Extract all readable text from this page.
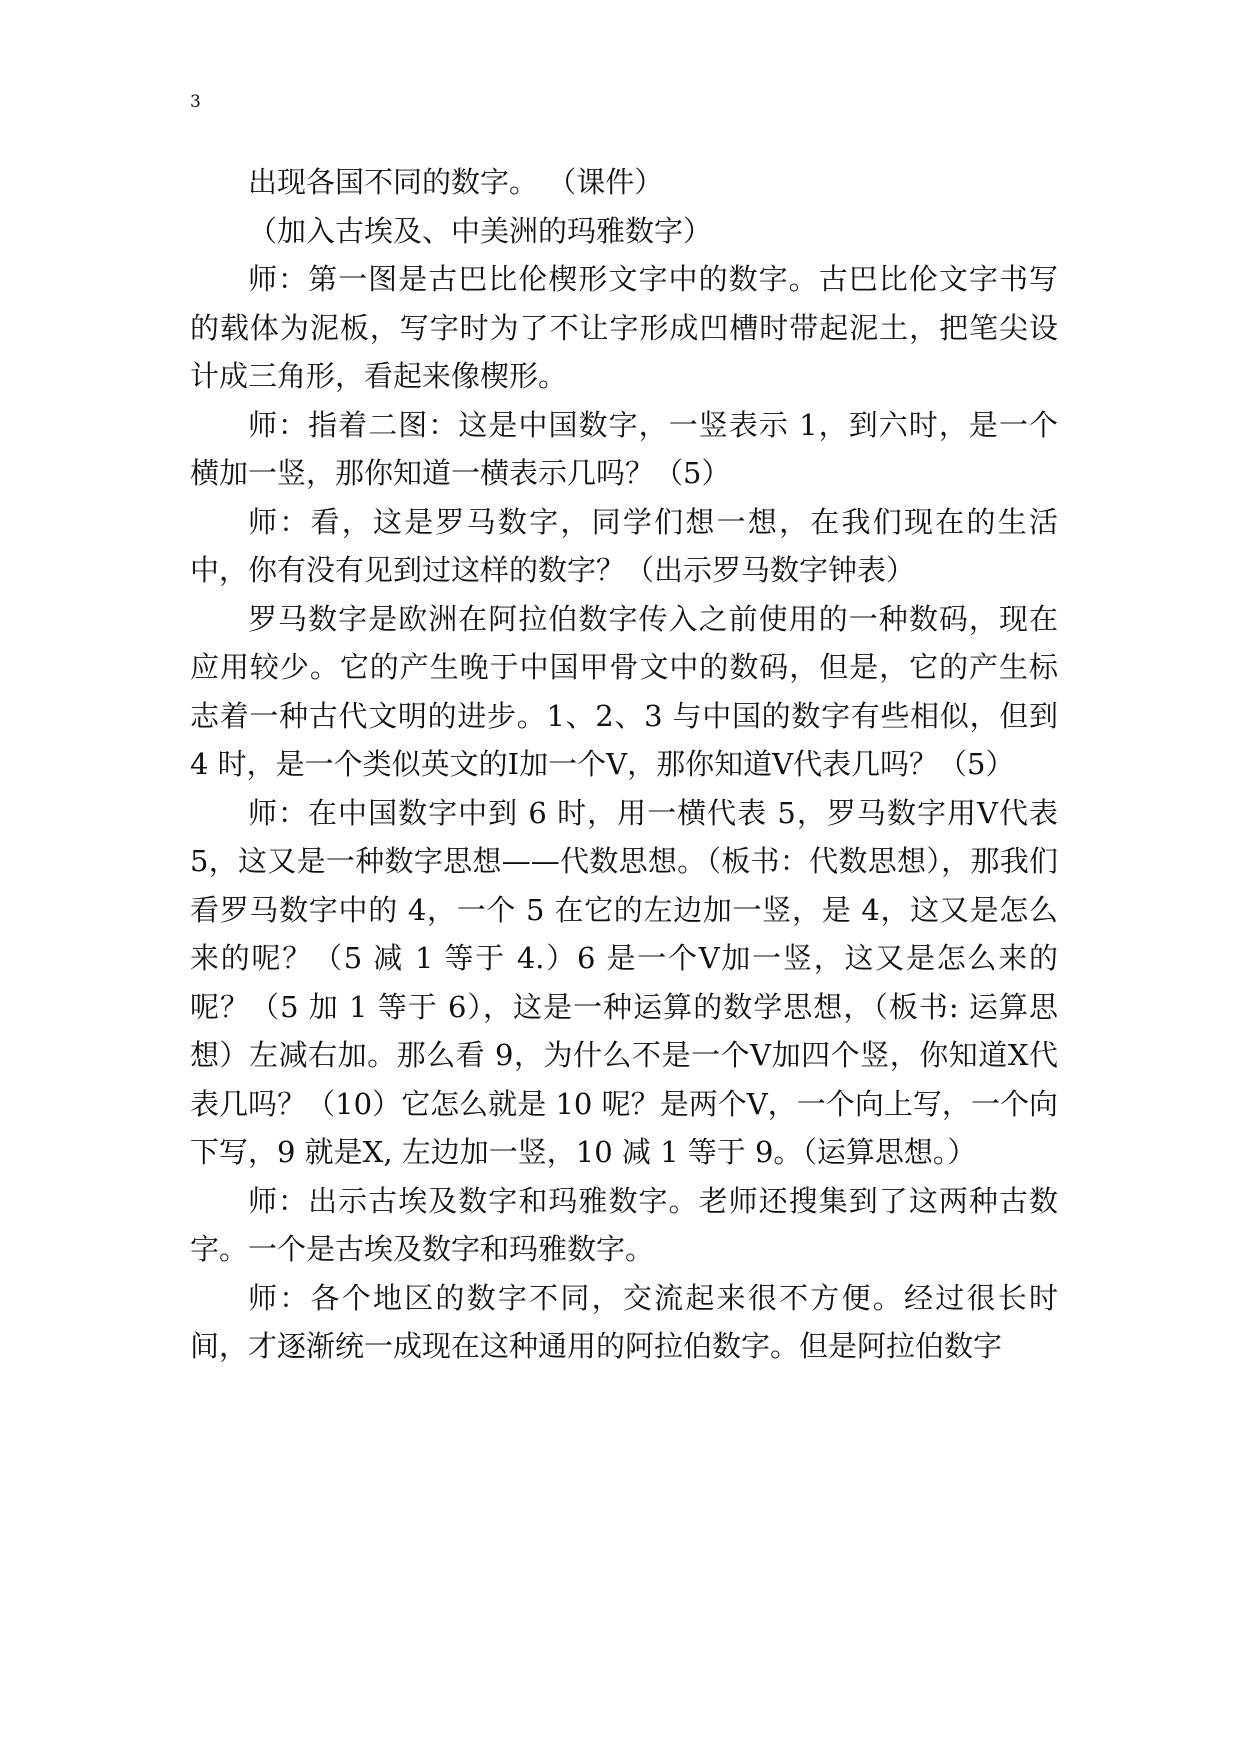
3

出现各国不同的数字。 （课件）

（加入古埃及、中美洲的玛雅数字）

师：第一图是古巴比伦楔形文字中的数字。古巴比伦文字书写的载体为泥板，写字时为了不让字形成凹槽时带起泥土，把笔尖设计成三角形，看起来像楔形。

师：指着二图：这是中国数字，一竖表示 1，到六时，是一个横加一竖，那你知道一横表示几吗？（5）

师：看，这是罗马数字，同学们想一想，在我们现在的生活中，你有没有见到过这样的数字？（出示罗马数字钟表）

罗马数字是欧洲在阿拉伯数字传入之前使用的一种数码，现在应用较少。它的产生晚于中国甲骨文中的数码，但是，它的产生标志着一种古代文明的进步。1、2、3 与中国的数字有些相似，但到 4 时，是一个类似英文的Ⅰ加一个Ⅴ，那你知道Ⅴ代表几吗？（5）

师：在中国数字中到 6 时，用一横代表 5，罗马数字用Ⅴ代表 5，这又是一种数字思想——代数思想。（板书：代数思想），那我们看罗马数字中的 4，一个 5 在它的左边加一竖，是 4，这又是怎么来的呢？（5 减 1 等于 4.）6 是一个Ⅴ加一竖，这又是怎么来的呢？（5 加 1 等于 6），这是一种运算的数学思想，（板书: 运算思想）左减右加。那么看 9，为什么不是一个Ⅴ加四个竖，你知道Ⅹ代表几吗？（10）它怎么就是 10 呢？是两个Ⅴ，一个向上写，一个向下写，9 就是Ⅹ, 左边加一竖，10 减 1 等于 9。（运算思想。）

师：出示古埃及数字和玛雅数字。老师还搜集到了这两种古数字。一个是古埃及数字和玛雅数字。

师：各个地区的数字不同，交流起来很不方便。经过很长时间，才逐渐统一成现在这种通用的阿拉伯数字。但是阿拉伯数字
